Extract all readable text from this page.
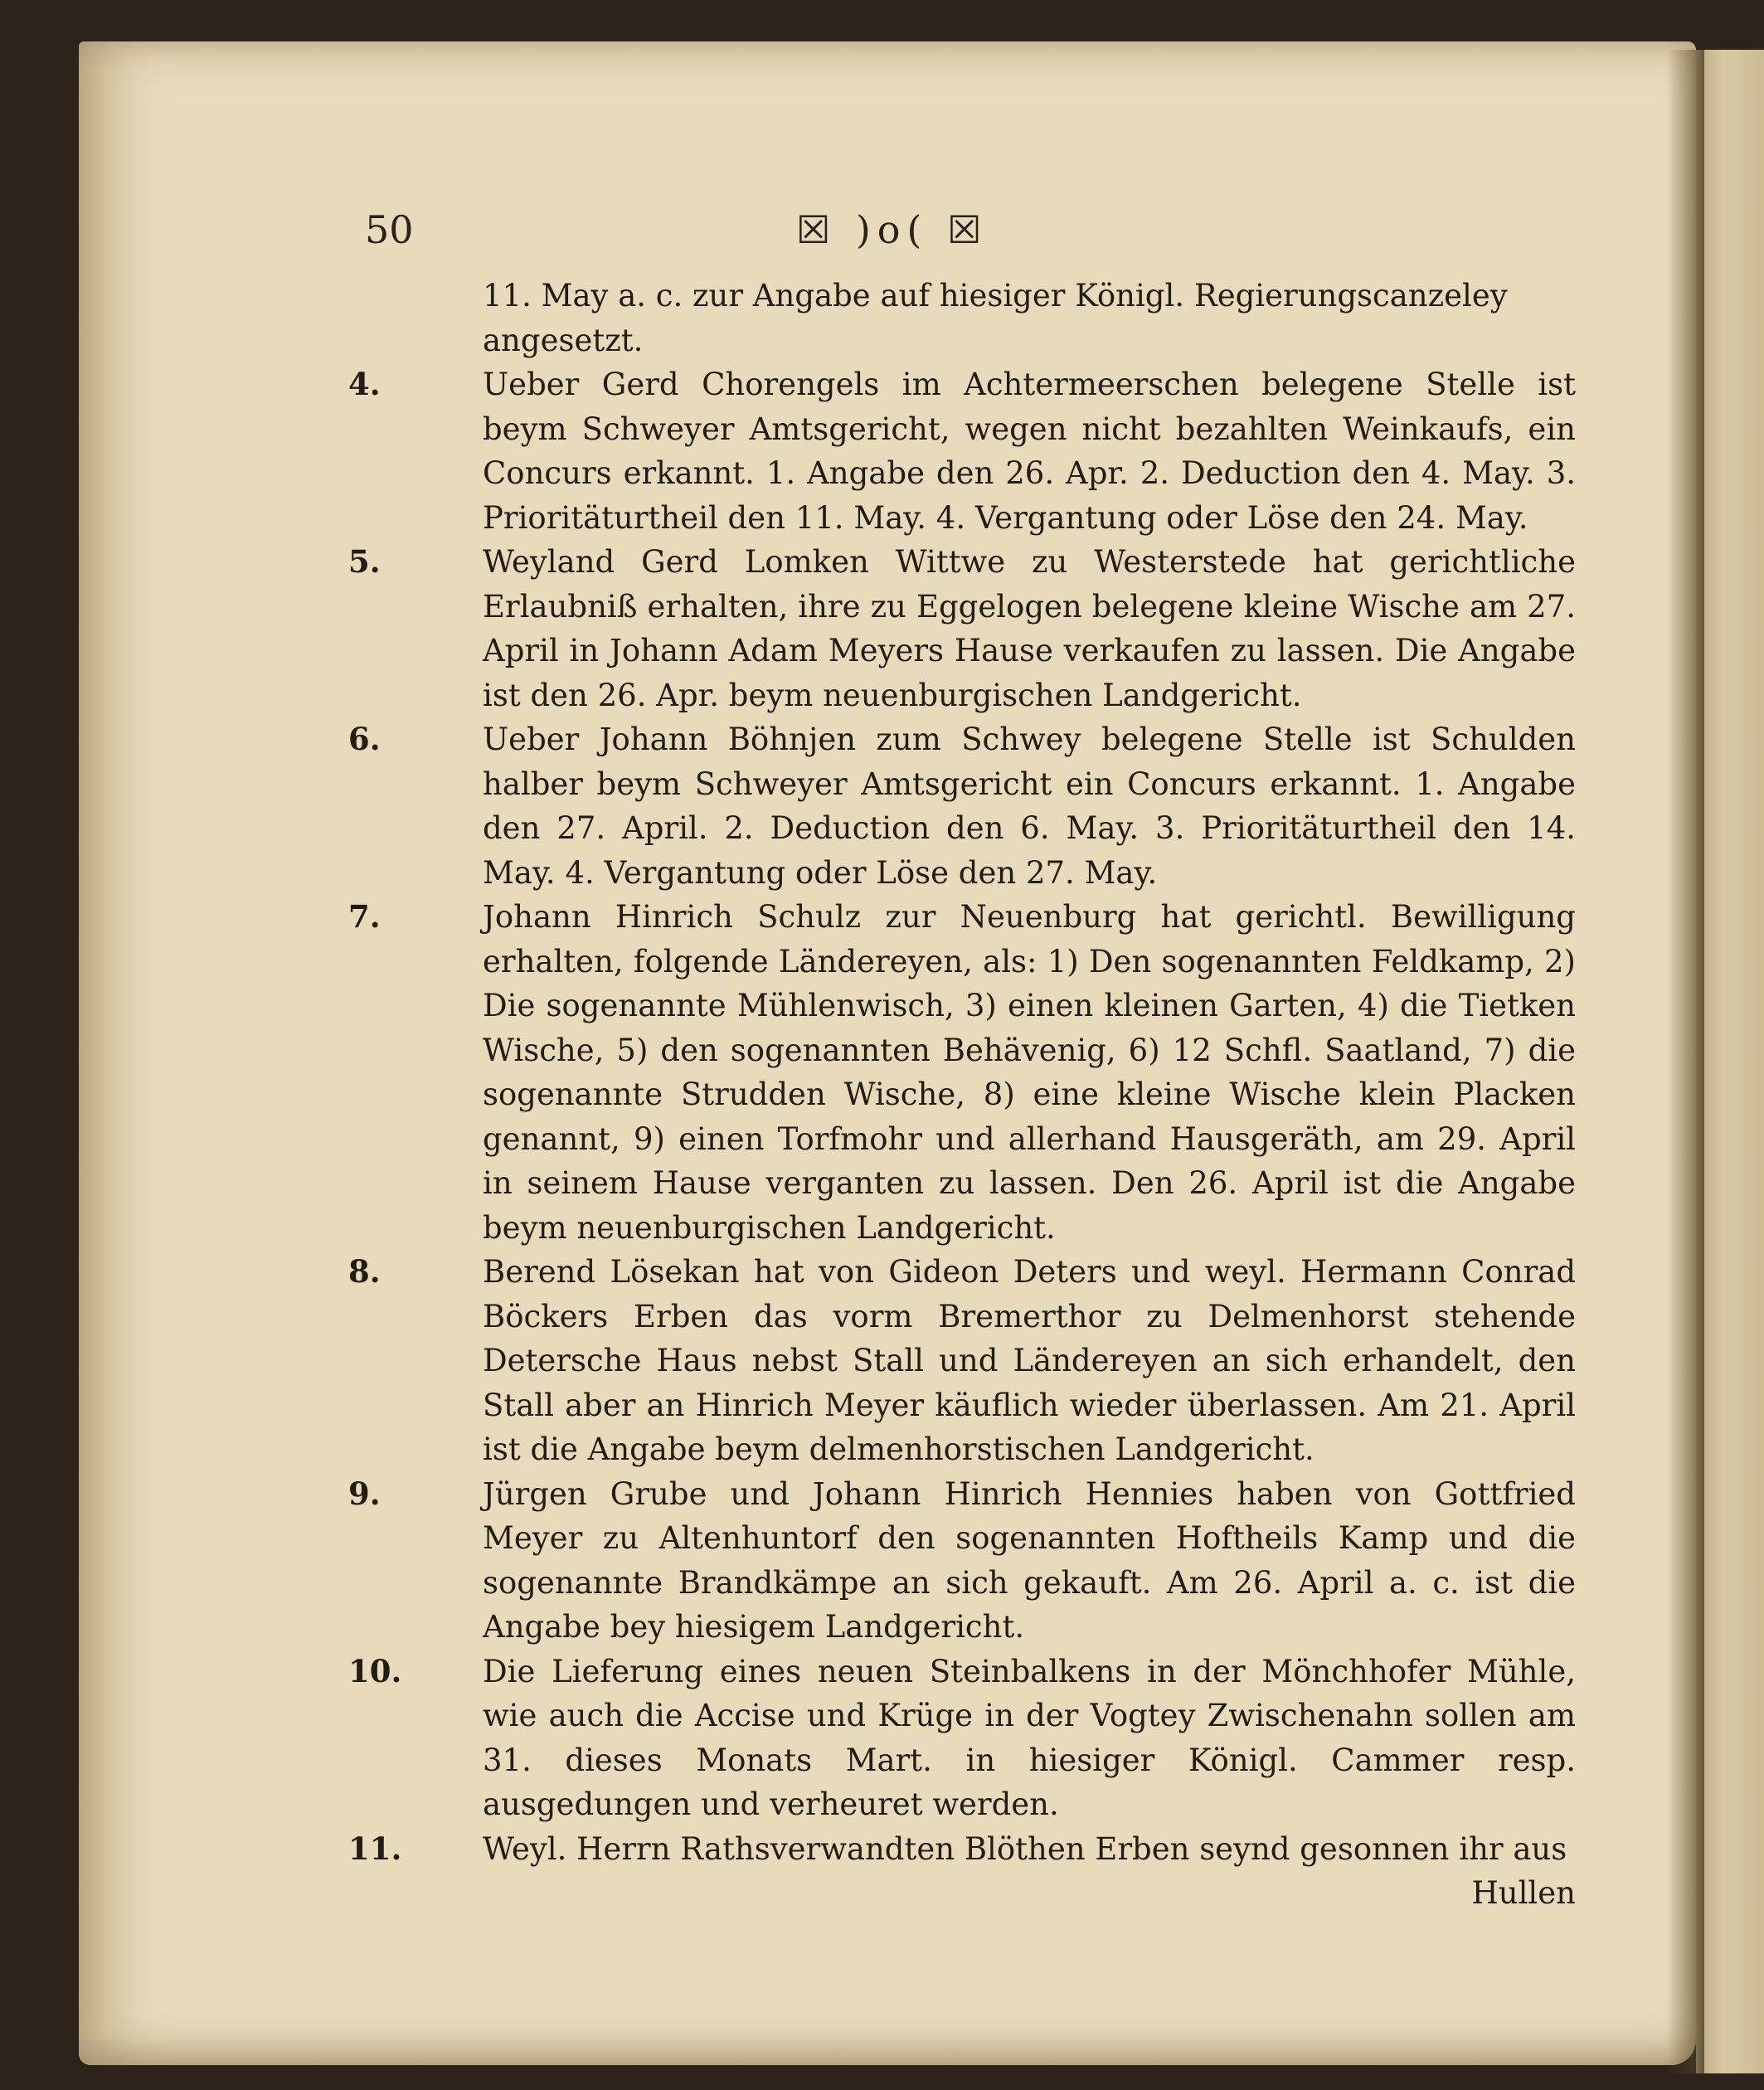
50	☒ )o( ☒
11. May a. c. zur Angabe auf hiesiger Königl. Regierungscanzeley
angesetzt.
4.	Ueber Gerd Chorengels im Achtermeerschen belegene Stelle ist beym Schweyer Amtsgericht, wegen nicht bezahlten Weinkaufs, ein Concurs erkannt. 1. Angabe den 26. Apr. 2. Deduction den 4. May. 3. Prioritäturtheil den 11. May. 4. Vergantung oder Löse den 24. May.
5.	Weyland Gerd Lomken Wittwe zu Westerstede hat gerichtliche Erlaubniß erhalten, ihre zu Eggelogen belegene kleine Wische am 27. April in Johann Adam Meyers Hause verkaufen zu lassen. Die Angabe ist den 26. Apr. beym neuenburgischen Landgericht.
6.	Ueber Johann Böhnjen zum Schwey belegene Stelle ist Schulden halber beym Schweyer Amtsgericht ein Concurs erkannt. 1. Angabe den 27. April. 2. Deduction den 6. May. 3. Prioritäturtheil den 14. May. 4. Vergantung oder Löse den 27. May.
7.	Johann Hinrich Schulz zur Neuenburg hat gerichtl. Bewilligung erhalten, folgende Ländereyen, als: 1) Den sogenannten Feldkamp, 2) Die sogenannte Mühlenwisch, 3) einen kleinen Garten, 4) die Tietken Wische, 5) den sogenannten Behävenig, 6) 12 Schfl. Saatland, 7) die sogenannte Strudden Wische, 8) eine kleine Wische klein Placken genannt, 9) einen Torfmohr und allerhand Hausgeräth, am 29. April in seinem Hause verganten zu lassen. Den 26. April ist die Angabe beym neuenburgischen Landgericht.
8.	Berend Lösekan hat von Gideon Deters und weyl. Hermann Conrad Böckers Erben das vorm Bremerthor zu Delmenhorst stehende Detersche Haus nebst Stall und Ländereyen an sich erhandelt, den Stall aber an Hinrich Meyer käuflich wieder überlassen. Am 21. April ist die Angabe beym delmenhorstischen Landgericht.
9.	Jürgen Grube und Johann Hinrich Hennies haben von Gottfried Meyer zu Altenhuntorf den sogenannten Hoftheils Kamp und die sogenannte Brandkämpe an sich gekauft. Am 26. April a. c. ist die Angabe bey hiesigem Landgericht.
10.	Die Lieferung eines neuen Steinbalkens in der Mönchhofer Mühle, wie auch die Accise und Krüge in der Vogtey Zwischenahn sollen am 31. dieses Monats Mart. in hiesiger Königl. Cammer resp. ausgedungen und verheuret werden.
11.	Weyl. Herrn Rathsverwandten Blöthen Erben seynd gesonnen ihr aus
Hullen
